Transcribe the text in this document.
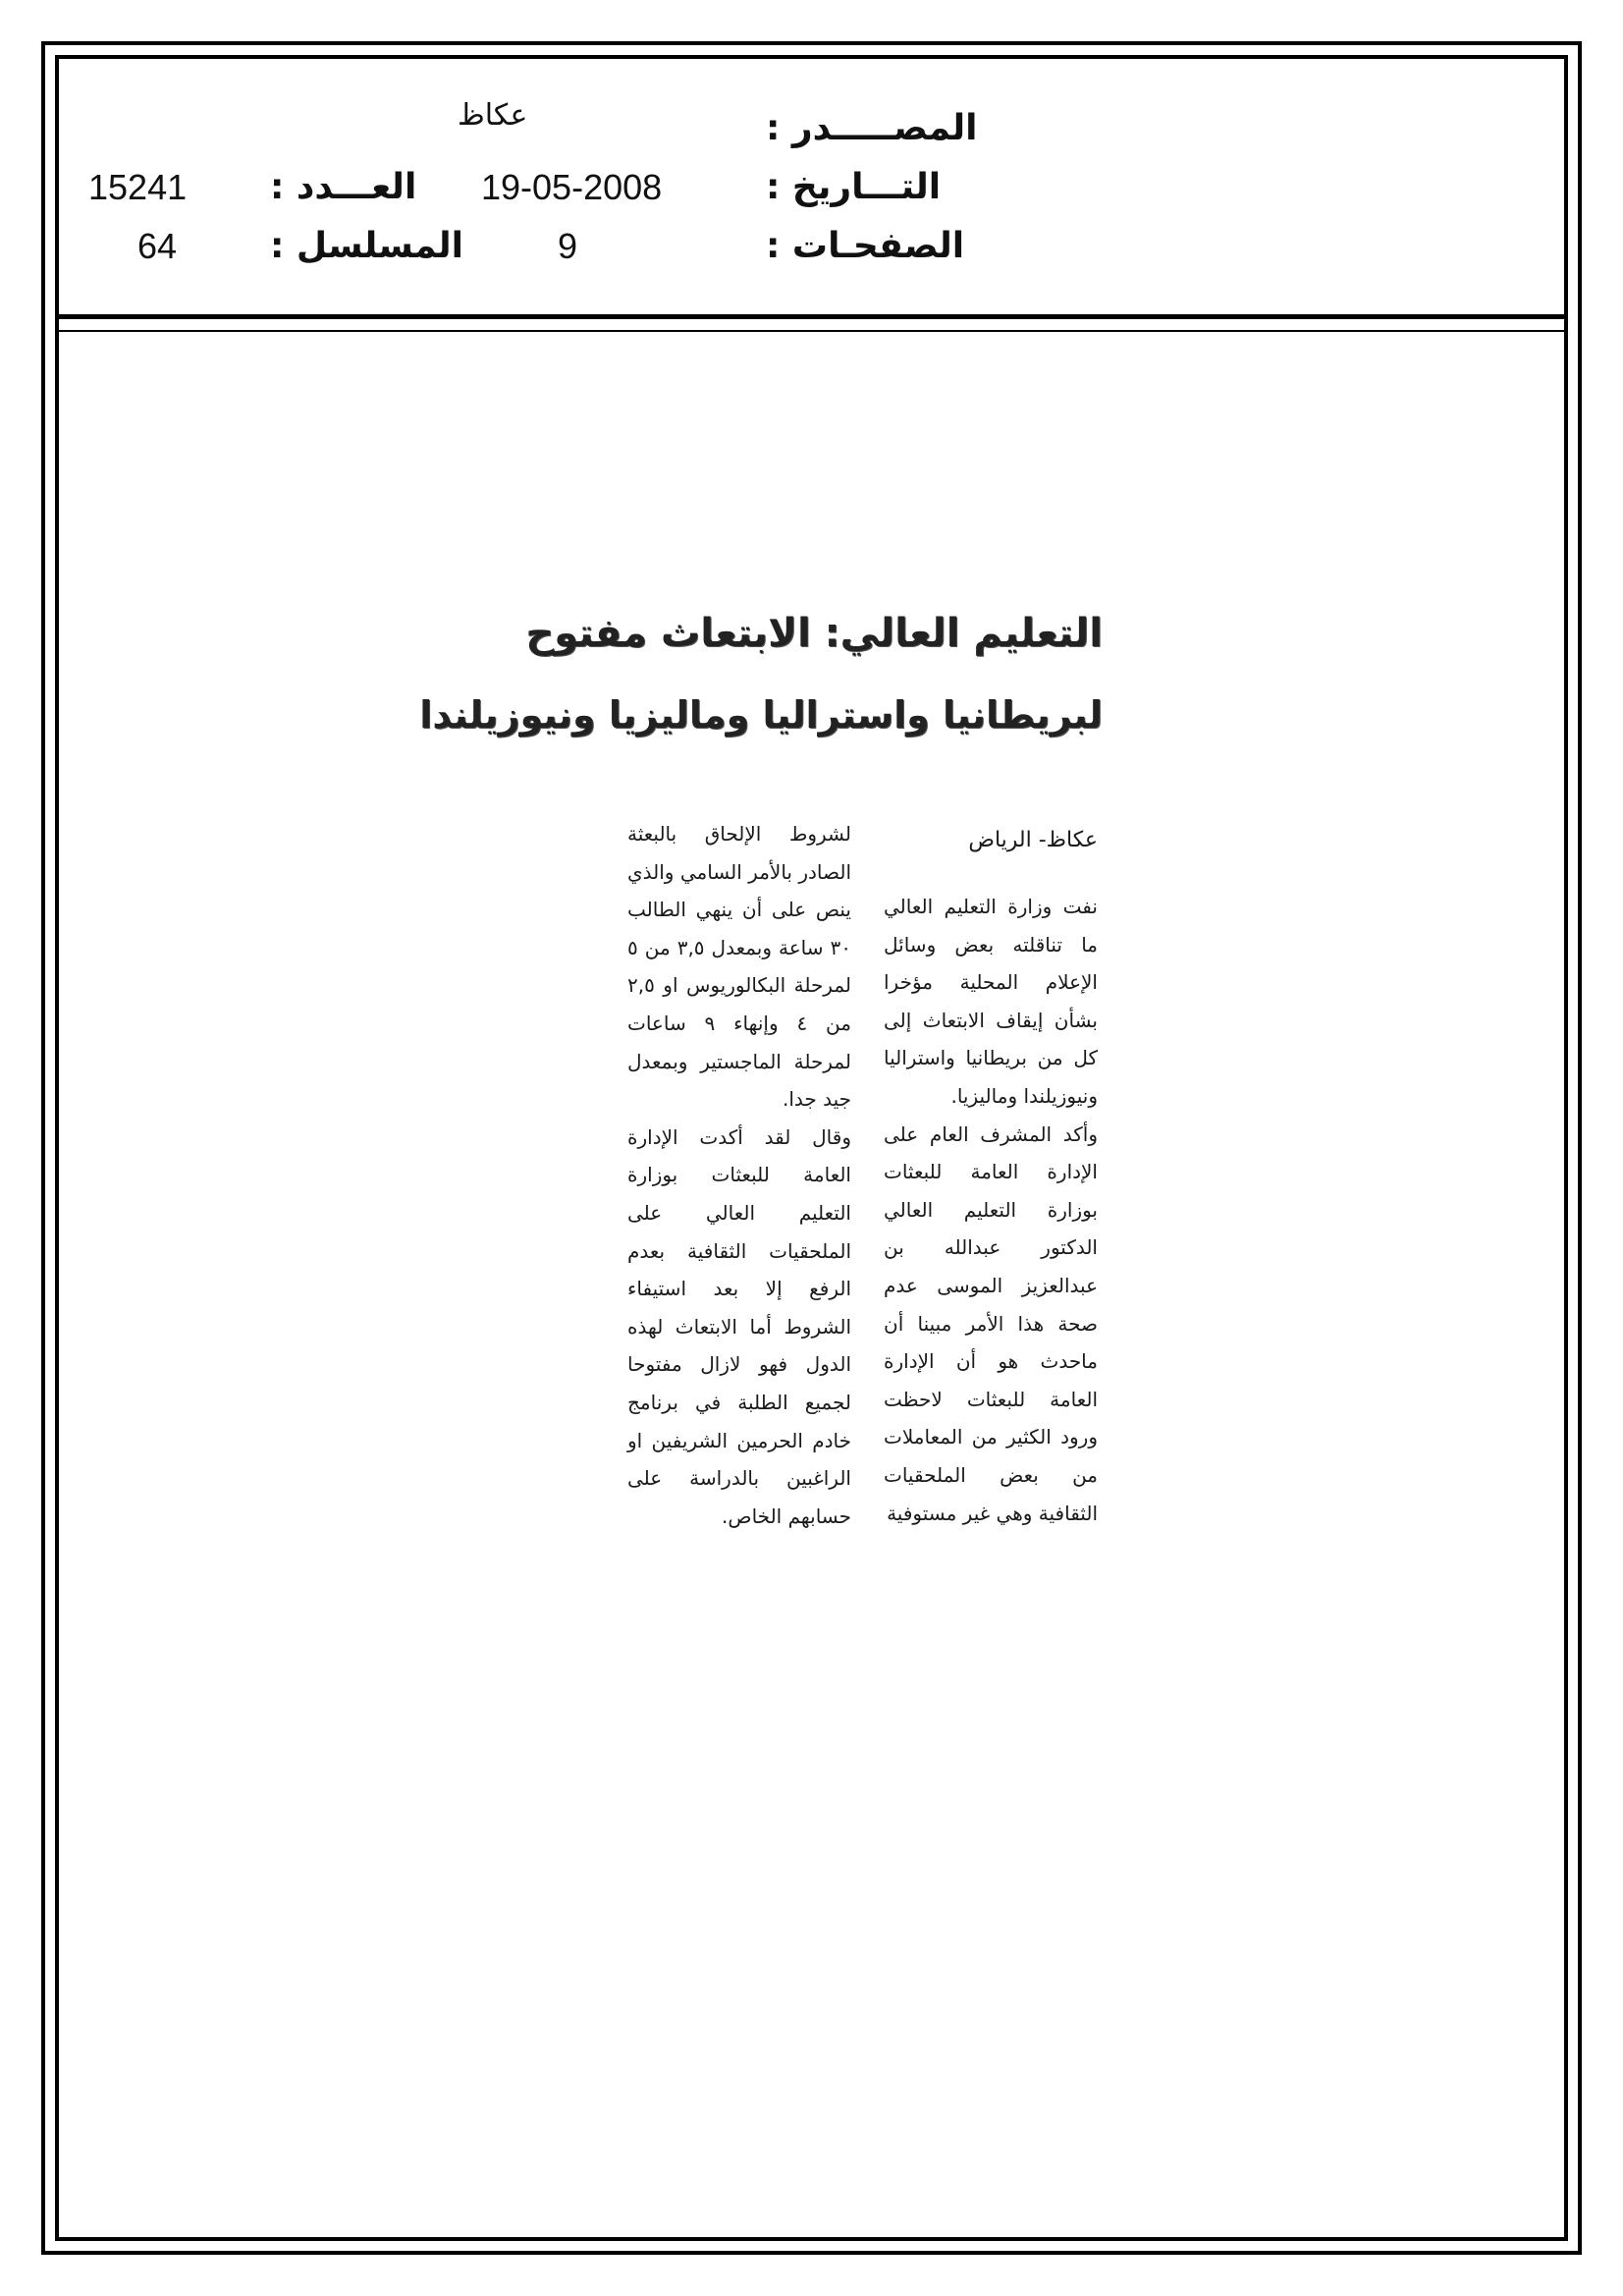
المصـــــدر :
عكاظ
التـــاريخ :
19-05-2008
العـــدد :
15241
الصفحـات :
9
المسلسل :
64
التعليم العالي: الابتعاث مفتوح
لبريطانيا واستراليا وماليزيا ونيوزيلندا
عكاظ- الرياض

نفت وزارة التعليم العالي ما تناقلته بعض وسائل الإعلام المحلية مؤخرا بشأن إيقاف الابتعاث إلى كل من بريطانيا واستراليا ونيوزيلندا وماليزيا.

وأكد المشرف العام على الإدارة العامة للبعثات بوزارة التعليم العالي الدكتور عبدالله بن عبدالعزيز الموسى عدم صحة هذا الأمر مبينا أن ماحدث هو أن الإدارة العامة للبعثات لاحظت ورود الكثير من المعاملات من بعض الملحقيات الثقافية وهي غير مستوفية

لشروط الإلحاق بالبعثة الصادر بالأمر السامي والذي ينص على أن ينهي الطالب ٣٠ ساعة وبمعدل ٣,٥ من ٥ لمرحلة البكالوريوس او ٢,٥ من ٤ وإنهاء ٩ ساعات لمرحلة الماجستير وبمعدل جيد جدا.

وقال لقد أكدت الإدارة العامة للبعثات بوزارة التعليم العالي على الملحقيات الثقافية بعدم الرفع إلا بعد استيفاء الشروط أما الابتعاث لهذه الدول فهو لازال مفتوحا لجميع الطلبة في برنامج خادم الحرمين الشريفين او الراغبين بالدراسة على حسابهم الخاص.
